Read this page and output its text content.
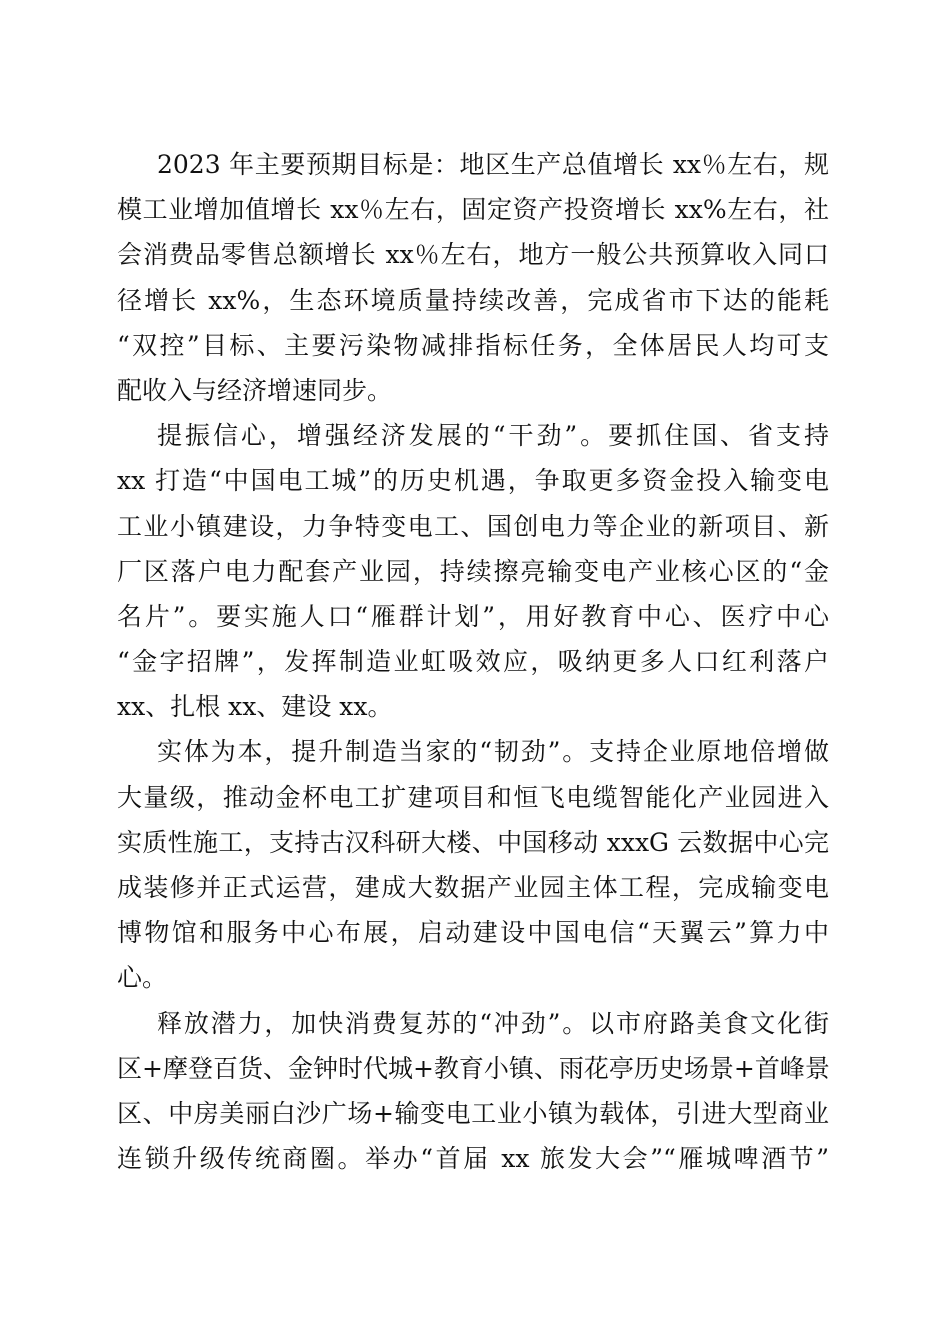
2023 年主要预期目标是：地区生产总值增长 xx％左右，规
模工业增加值增长 xx％左右，固定资产投资增长 xx%左右，社
会消费品零售总额增长 xx％左右，地方一般公共预算收入同口
径增长 xx%，生态环境质量持续改善，完成省市下达的能耗
“双控”目标、主要污染物减排指标任务，全体居民人均可支
配收入与经济增速同步。
提振信心，增强经济发展的“干劲”。要抓住国、省支持
xx 打造“中国电工城”的历史机遇，争取更多资金投入输变电
工业小镇建设，力争特变电工、国创电力等企业的新项目、新
厂区落户电力配套产业园，持续擦亮输变电产业核心区的“金
名片”。要实施人口“雁群计划”，用好教育中心、医疗中心
“金字招牌”，发挥制造业虹吸效应，吸纳更多人口红利落户
xx、扎根 xx、建设 xx。
实体为本，提升制造当家的“韧劲”。支持企业原地倍增做
大量级，推动金杯电工扩建项目和恒飞电缆智能化产业园进入
实质性施工，支持古汉科研大楼、中国移动 xxxG 云数据中心完
成装修并正式运营，建成大数据产业园主体工程，完成输变电
博物馆和服务中心布展，启动建设中国电信“天翼云”算力中
心。
释放潜力，加快消费复苏的“冲劲”。以市府路美食文化街
区+摩登百货、金钟时代城+教育小镇、雨花亭历史场景+首峰景
区、中房美丽白沙广场+输变电工业小镇为载体，引进大型商业
连锁升级传统商圈。举办“首届 xx 旅发大会”“雁城啤酒节”
